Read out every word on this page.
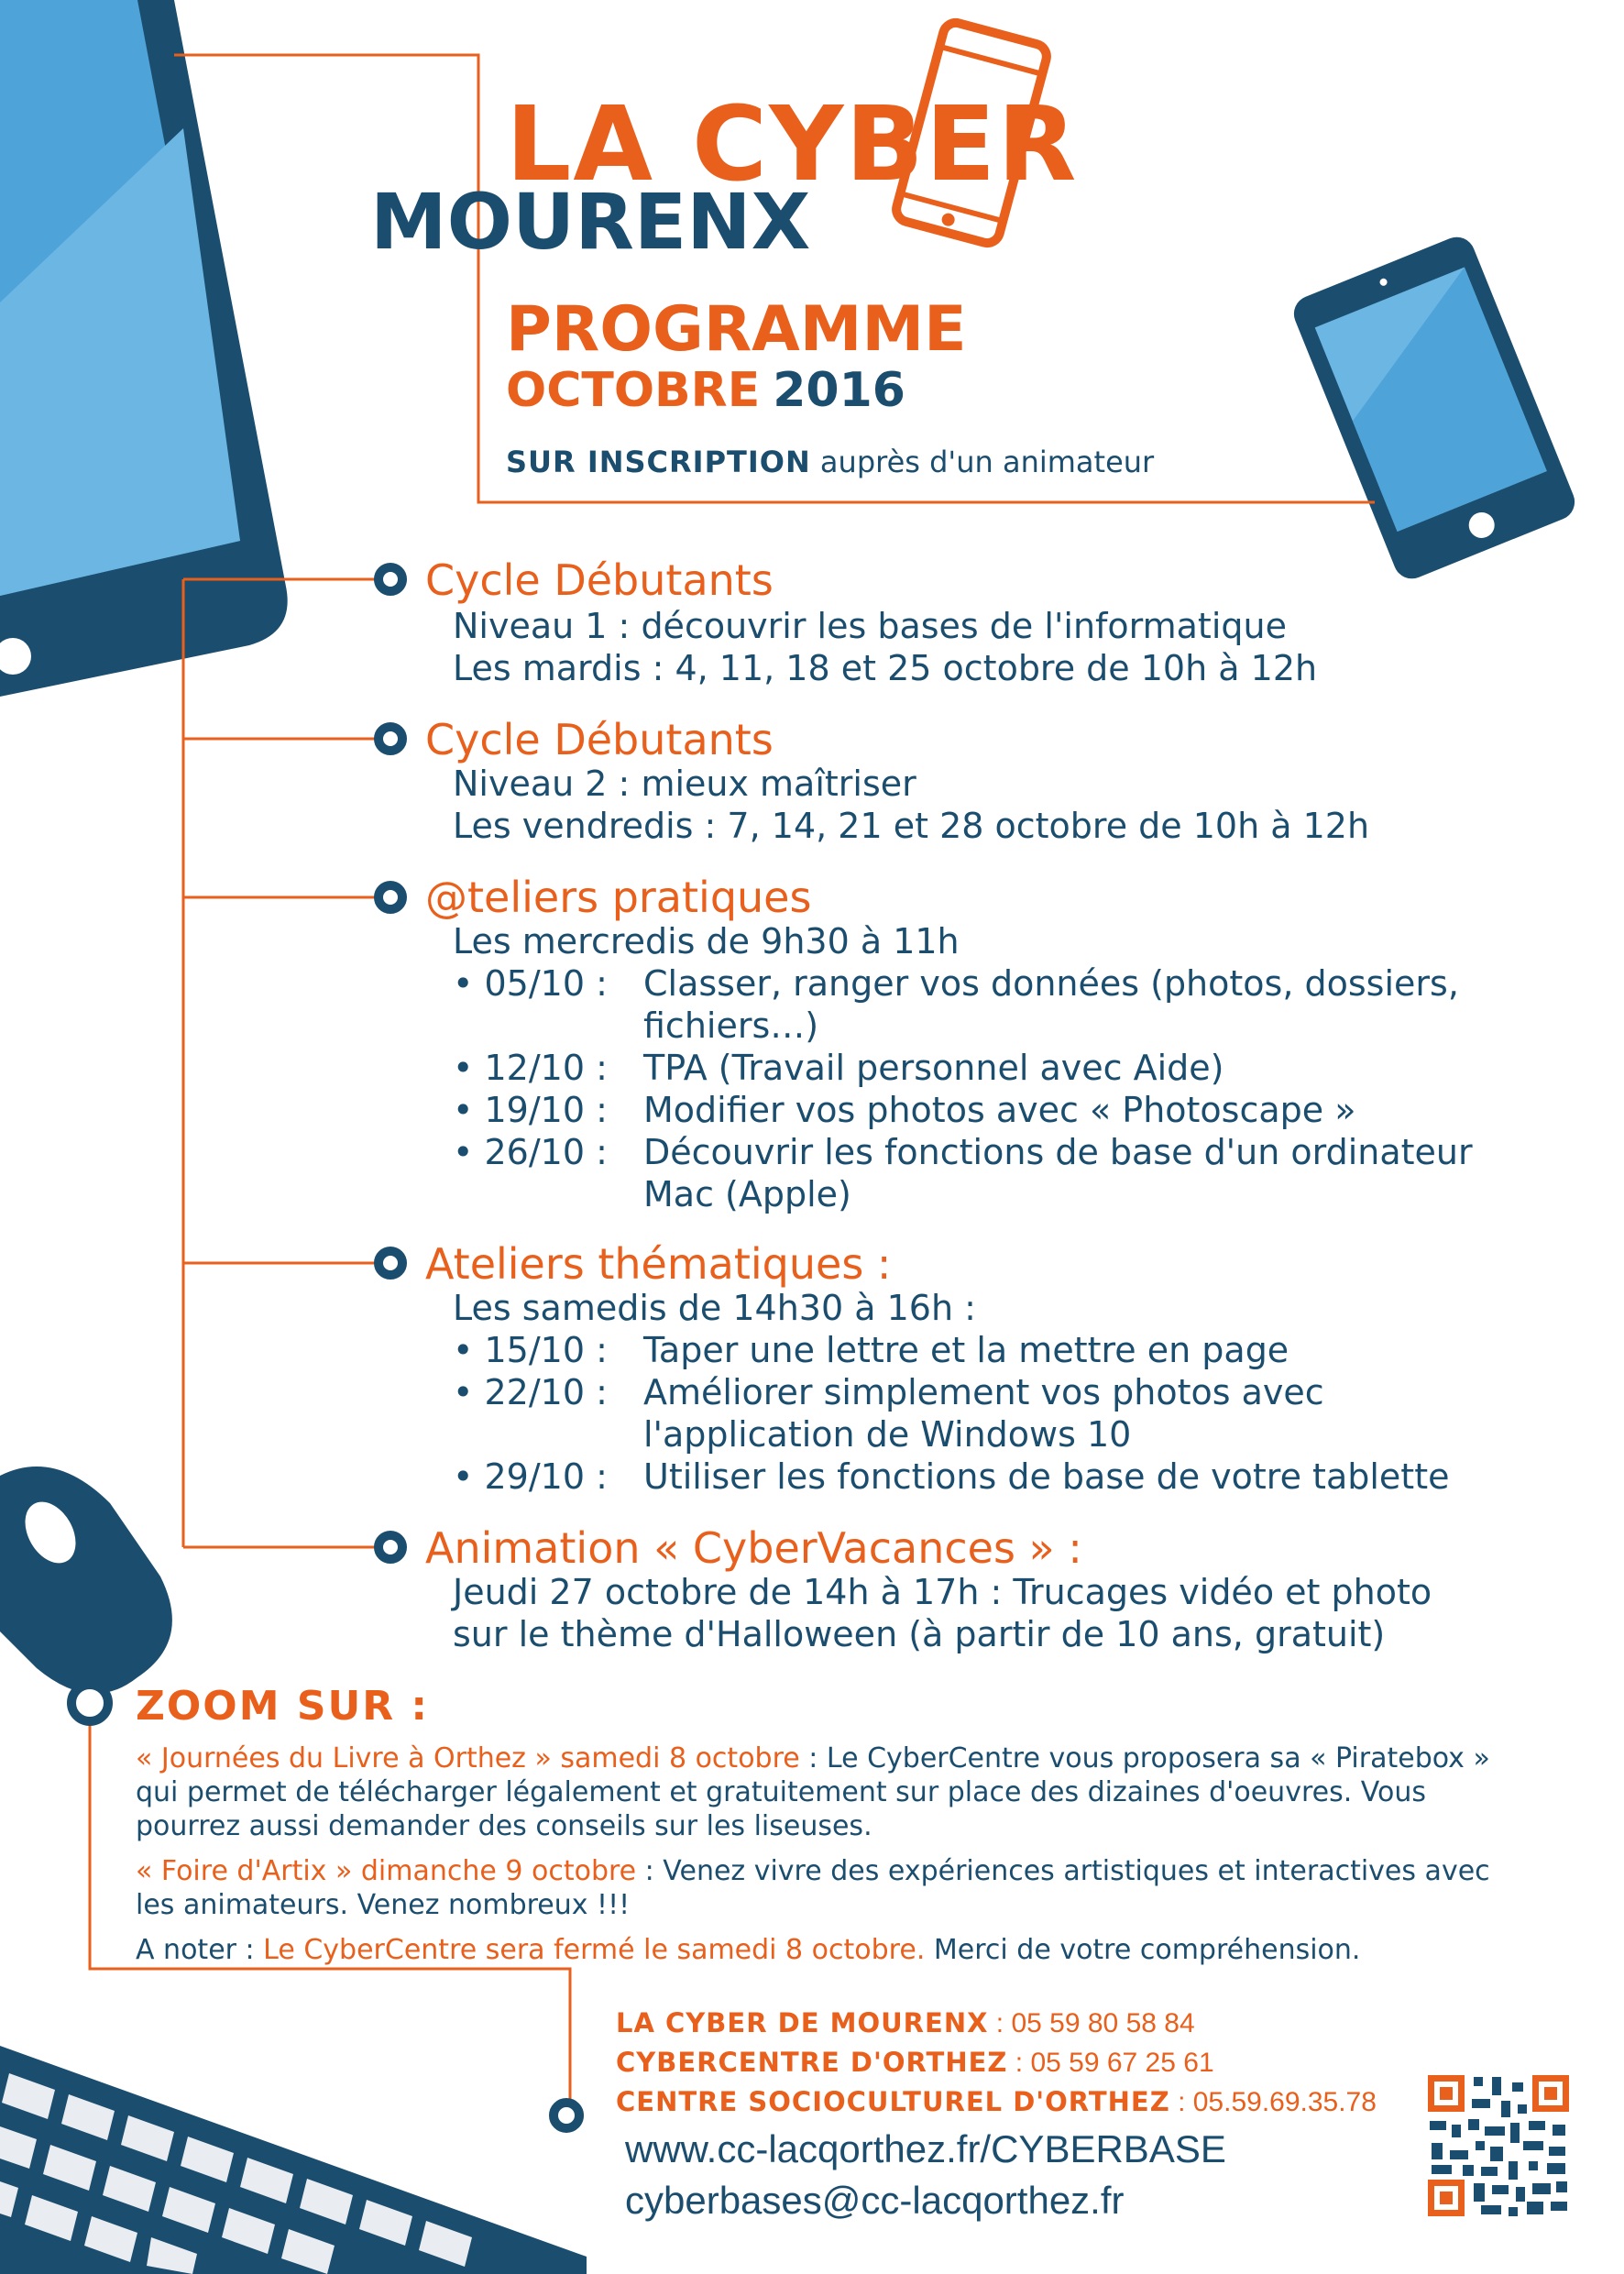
LA CYBER
MOURENX
PROGRAMME
OCTOBRE 2016
SUR INSCRIPTION auprès d'un animateur
Cycle Débutants
Niveau 1 : découvrir les bases de l'informatique
Les mardis : 4, 11, 18 et 25 octobre de 10h à 12h
Cycle Débutants
Niveau 2 : mieux maîtriser
Les vendredis : 7, 14, 21 et 28 octobre de 10h à 12h
@teliers pratiques
Les mercredis de 9h30 à 11h
• 05/10 :	Classer, ranger vos données (photos, dossiers, fichiers…)
• 12/10 :	TPA (Travail personnel avec Aide)
• 19/10 :	Modifier vos photos avec « Photoscape »
• 26/10 :	Découvrir les fonctions de base d'un ordinateur Mac (Apple)
Ateliers thématiques :
Les samedis de 14h30 à 16h :
• 15/10 :	Taper une lettre et la mettre en page
• 22/10 :	Améliorer simplement vos photos avec l'application de Windows 10
• 29/10 :	Utiliser les fonctions de base de votre tablette
Animation « CyberVacances » :
Jeudi 27 octobre de 14h à 17h : Trucages vidéo et photo
sur le thème d'Halloween (à partir de 10 ans, gratuit)
ZOOM SUR :

« Journées du Livre à Orthez » samedi 8 octobre : Le CyberCentre vous proposera sa « Piratebox » qui permet de télécharger légalement et gratuitement sur place des dizaines d'oeuvres. Vous pourrez aussi demander des conseils sur les liseuses.

« Foire d'Artix » dimanche 9 octobre : Venez vivre des expériences artistiques et interactives avec les animateurs. Venez nombreux !!!

A noter : Le CyberCentre sera fermé le samedi 8 octobre. Merci de votre compréhension.

LA CYBER DE MOURENX : 05 59 80 58 84
CYBERCENTRE D'ORTHEZ : 05 59 67 25 61
CENTRE SOCIOCULTUREL D'ORTHEZ : 05.59.69.35.78
www.cc-lacqorthez.fr/CYBERBASE
cyberbases@cc-lacqorthez.fr
